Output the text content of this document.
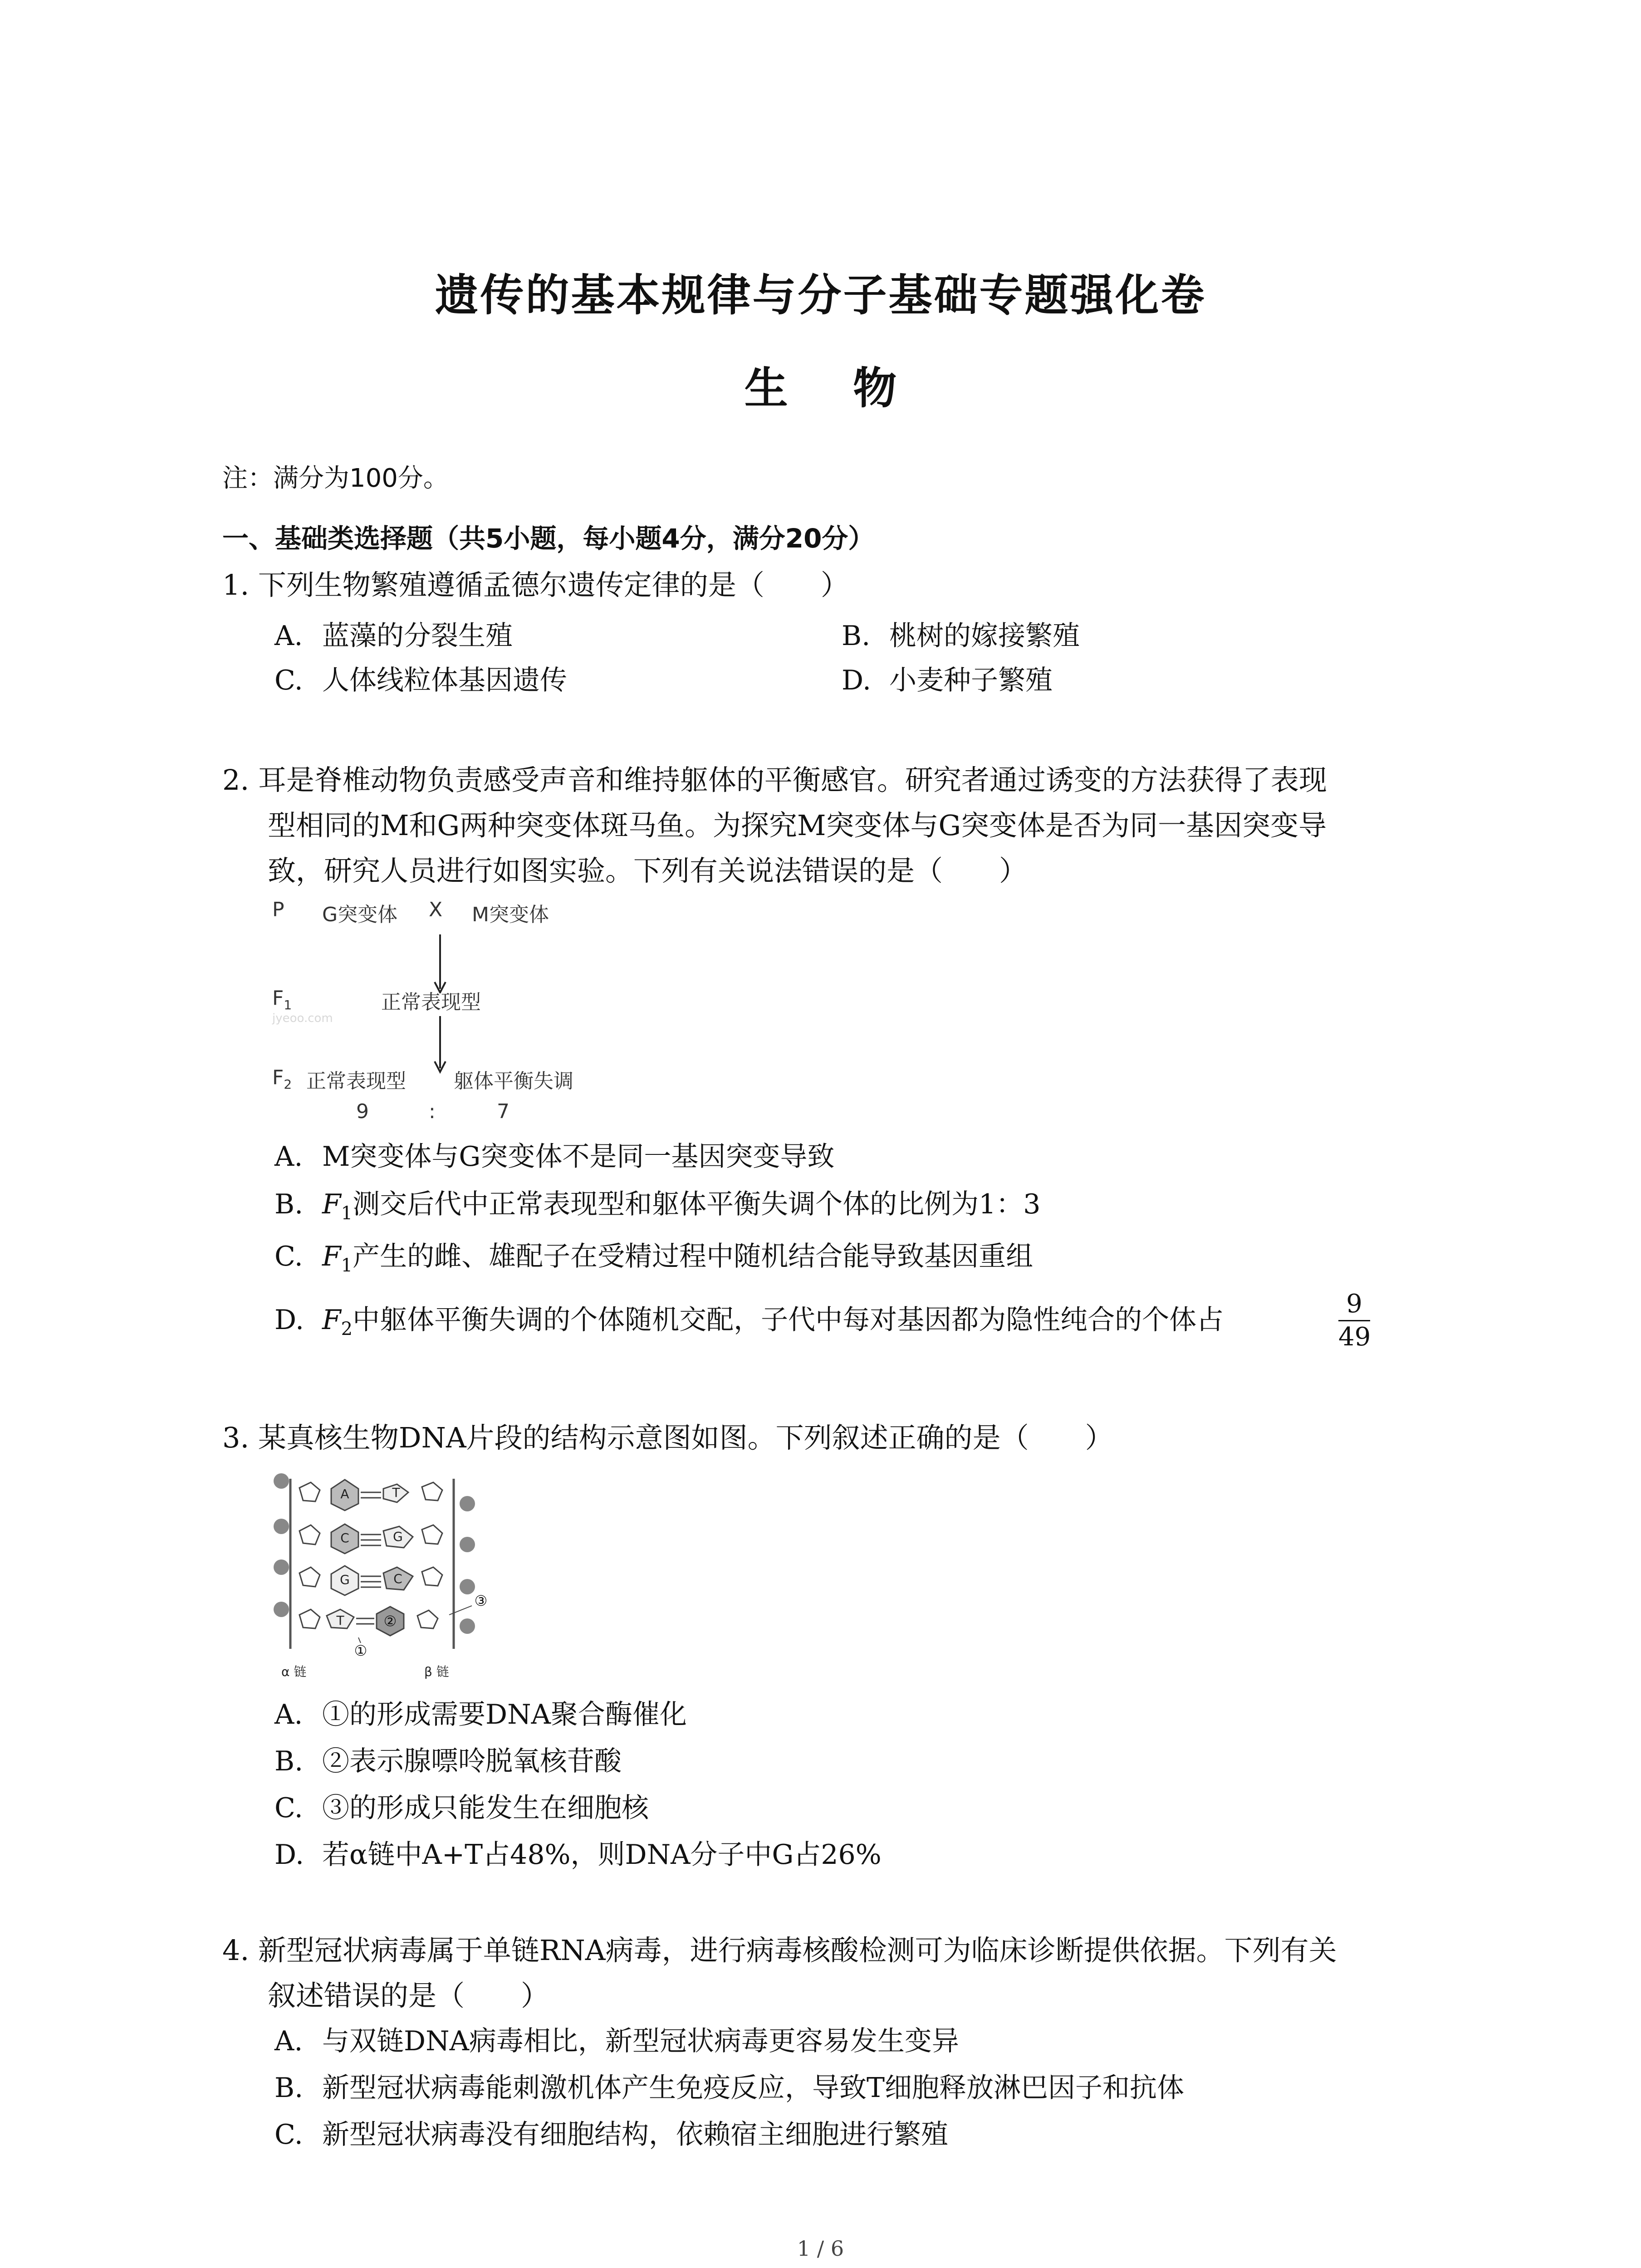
遗传的基本规律与分子基础专题强化卷
生 物
注：满分为100分。
一、基础类选择题（共5小题，每小题4分，满分20分）
1. 下列生物繁殖遵循孟德尔遗传定律的是（　　）
A. 蓝藻的分裂生殖	B. 桃树的嫁接繁殖
C. 人体线粒体基因遗传	D. 小麦种子繁殖
2. 耳是脊椎动物负责感受声音和维持躯体的平衡感官。研究者通过诱变的方法获得了表现
型相同的M和G两种突变体斑马鱼。为探究M突变体与G突变体是否为同一基因突变导
致，研究人员进行如图实验。下列有关说法错误的是（　　）
P G突变体 X M突变体
$F_1$	正常表现型
jyeoo.com
$F_2$ 正常表现型 躯体平衡失调
9	:	7
A. M突变体与G突变体不是同一基因突变导致
B. $F_1$测交后代中正常表现型和躯体平衡失调个体的比例为1：3
C. $F_1$产生的雌、雄配子在受精过程中随机结合能导致基因重组
D. $F_2$中躯体平衡失调的个体随机交配，子代中每对基因都为隐性纯合的个体占	$\frac{9}{49}$
3. 某真核生物DNA片段的结构示意图如图。下列叙述正确的是（　　）
A	T
C	G
G	C
T	②
①
③
α 链	β 链
A. ①的形成需要DNA聚合酶催化
B. ②表示腺嘌呤脱氧核苷酸
C. ③的形成只能发生在细胞核
D. 若α链中A+T占48%，则DNA分子中G占26%
4. 新型冠状病毒属于单链RNA病毒，进行病毒核酸检测可为临床诊断提供依据。下列有关
叙述错误的是（　　）
A. 与双链DNA病毒相比，新型冠状病毒更容易发生变异
B. 新型冠状病毒能刺激机体产生免疫反应，导致T细胞释放淋巴因子和抗体
C. 新型冠状病毒没有细胞结构，依赖宿主细胞进行繁殖
1 / 6
